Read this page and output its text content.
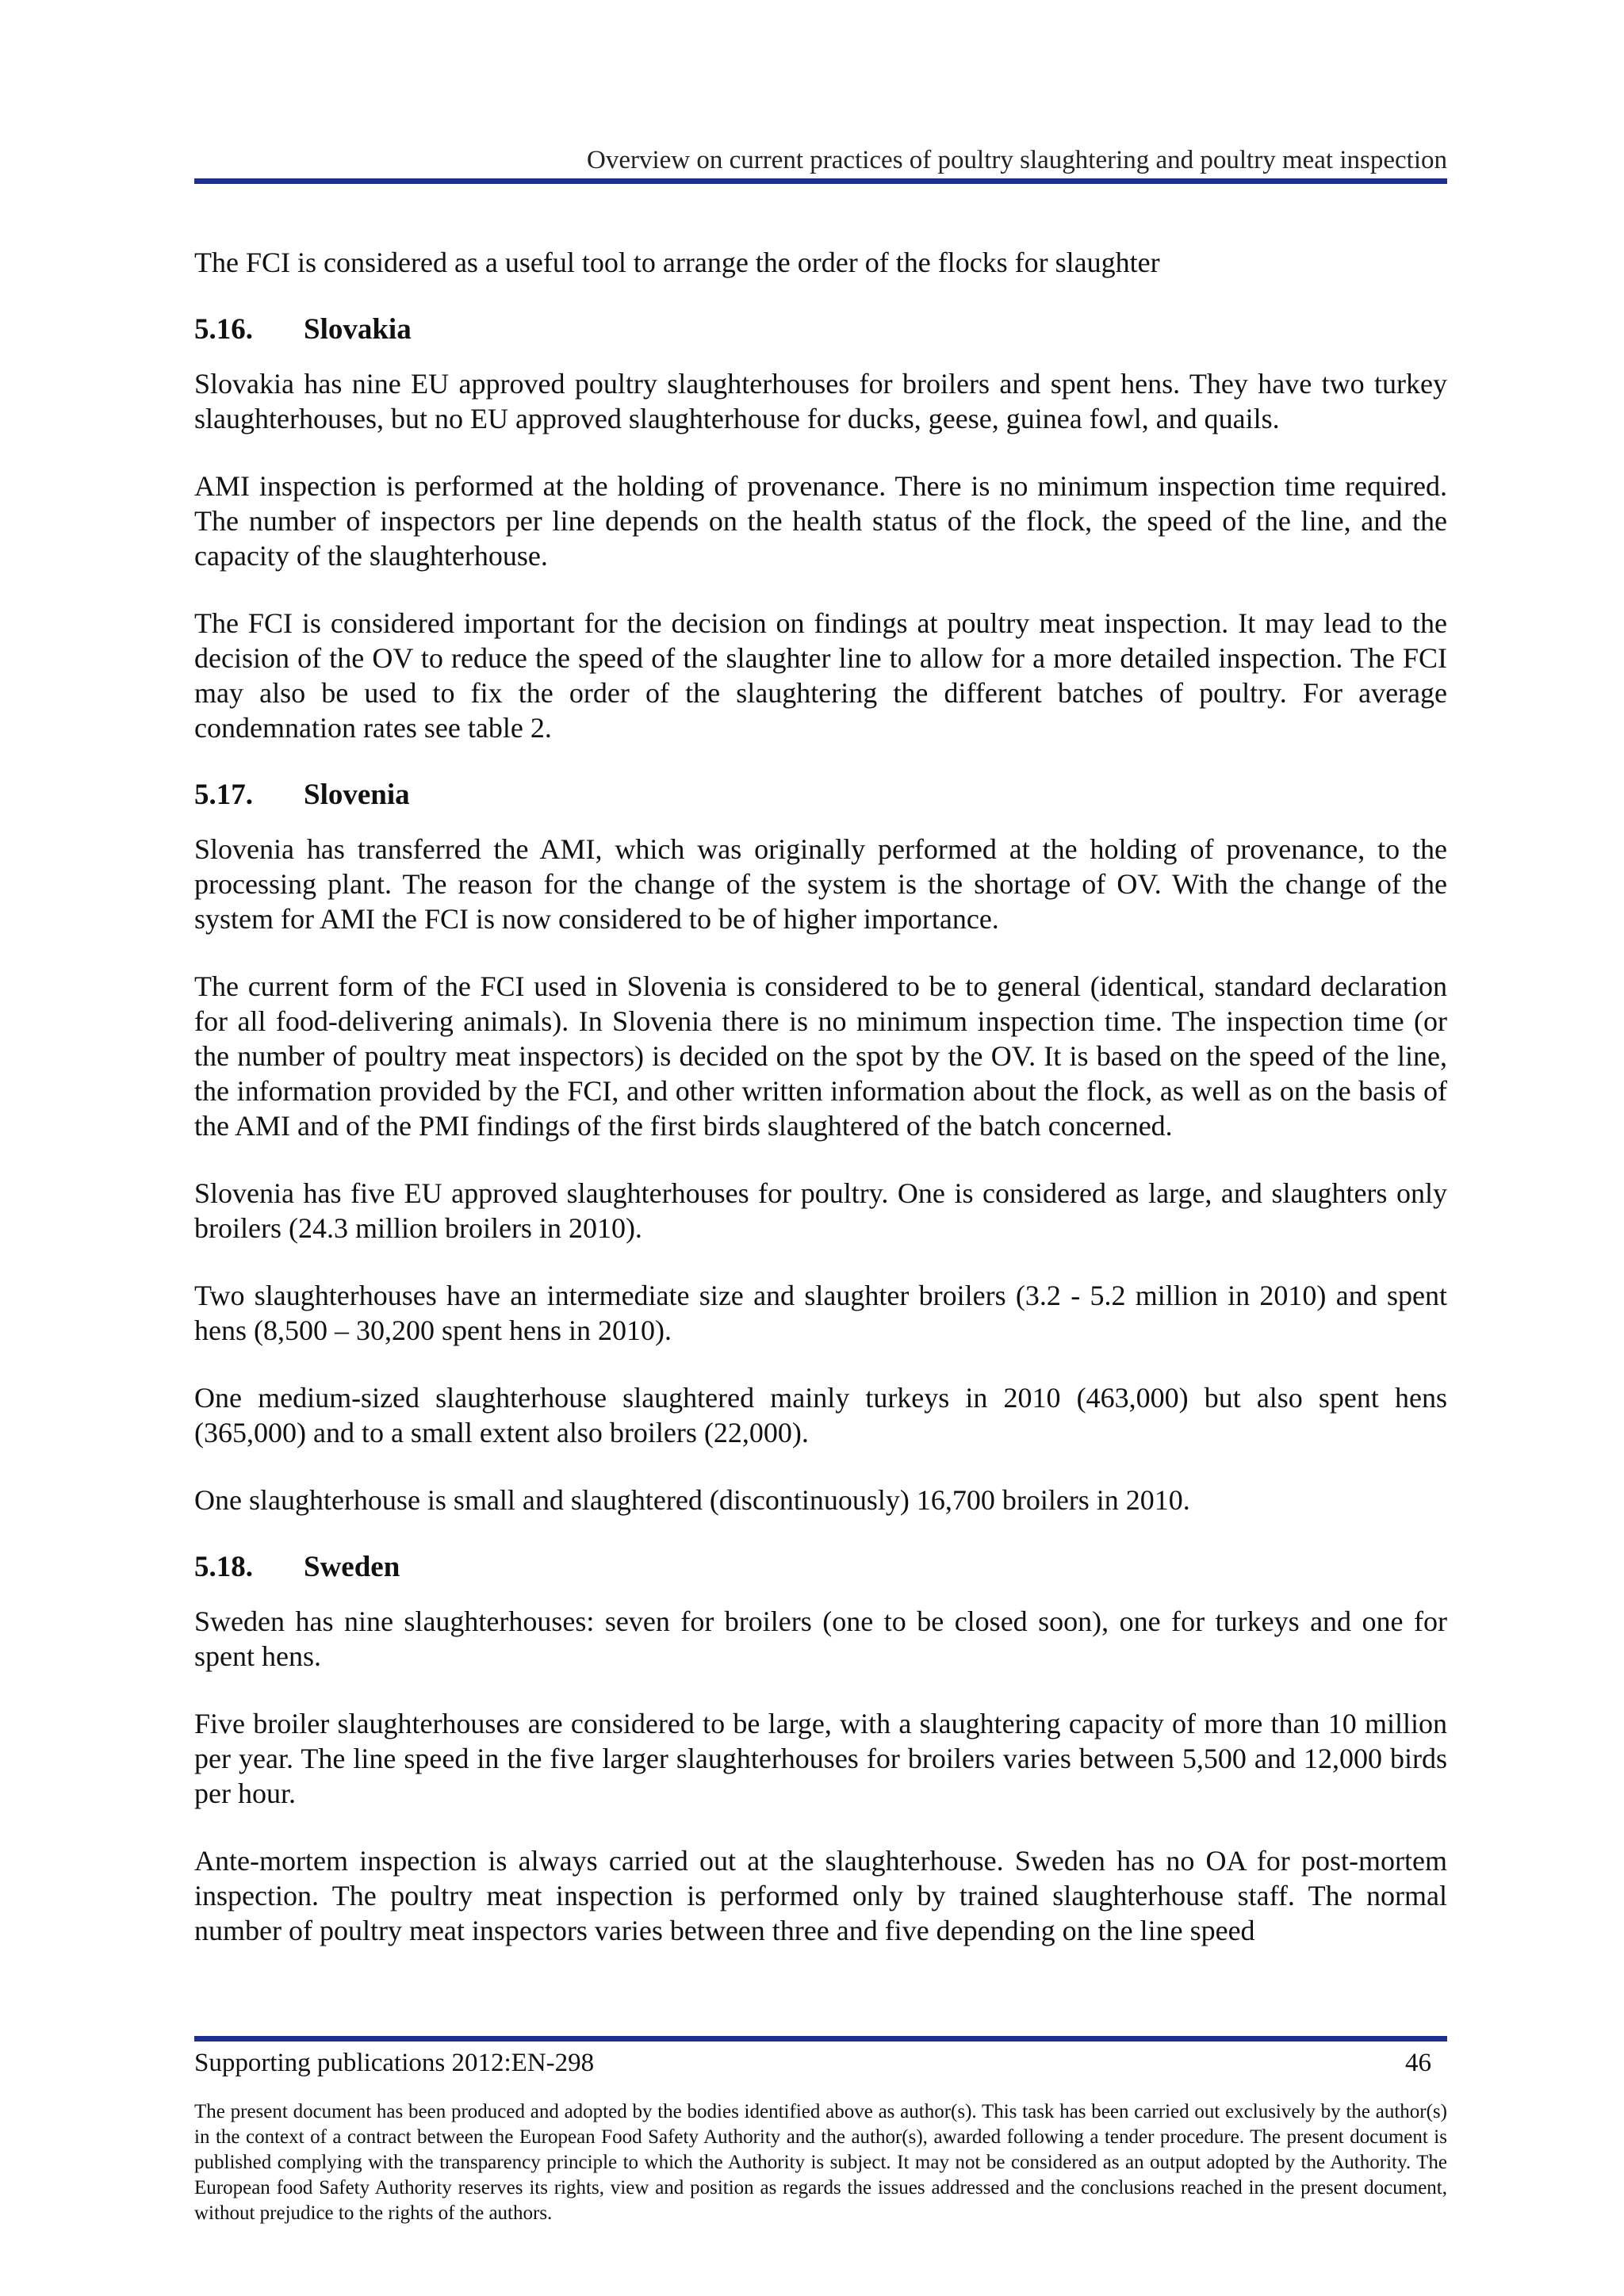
Overview on current practices of poultry slaughtering and poultry meat inspection

The FCI is considered as a useful tool to arrange the order of the flocks for slaughter

5.16. Slovakia

Slovakia has nine EU approved poultry slaughterhouses for broilers and spent hens. They have two turkey slaughterhouses, but no EU approved slaughterhouse for ducks, geese, guinea fowl, and quails.

AMI inspection is performed at the holding of provenance. There is no minimum inspection time required. The number of inspectors per line depends on the health status of the flock, the speed of the line, and the capacity of the slaughterhouse.

The FCI is considered important for the decision on findings at poultry meat inspection. It may lead to the decision of the OV to reduce the speed of the slaughter line to allow for a more detailed inspection. The FCI may also be used to fix the order of the slaughtering the different batches of poultry. For average condemnation rates see table 2.

5.17. Slovenia

Slovenia has transferred the AMI, which was originally performed at the holding of provenance, to the processing plant. The reason for the change of the system is the shortage of OV. With the change of the system for AMI the FCI is now considered to be of higher importance.

The current form of the FCI used in Slovenia is considered to be to general (identical, standard declaration for all food-delivering animals). In Slovenia there is no minimum inspection time. The inspection time (or the number of poultry meat inspectors) is decided on the spot by the OV. It is based on the speed of the line, the information provided by the FCI, and other written information about the flock, as well as on the basis of the AMI and of the PMI findings of the first birds slaughtered of the batch concerned.

Slovenia has five EU approved slaughterhouses for poultry. One is considered as large, and slaughters only broilers (24.3 million broilers in 2010).

Two slaughterhouses have an intermediate size and slaughter broilers (3.2 - 5.2 million in 2010) and spent hens (8,500 – 30,200 spent hens in 2010).

One medium-sized slaughterhouse slaughtered mainly turkeys in 2010 (463,000) but also spent hens (365,000) and to a small extent also broilers (22,000).

One slaughterhouse is small and slaughtered (discontinuously) 16,700 broilers in 2010.

5.18. Sweden

Sweden has nine slaughterhouses: seven for broilers (one to be closed soon), one for turkeys and one for spent hens.

Five broiler slaughterhouses are considered to be large, with a slaughtering capacity of more than 10 million per year. The line speed in the five larger slaughterhouses for broilers varies between 5,500 and 12,000 birds per hour.

Ante-mortem inspection is always carried out at the slaughterhouse. Sweden has no OA for post-mortem inspection. The poultry meat inspection is performed only by trained slaughterhouse staff. The normal number of poultry meat inspectors varies between three and five depending on the line speed

Supporting publications 2012:EN-298	46
The present document has been produced and adopted by the bodies identified above as author(s). This task has been carried out exclusively by the author(s) in the context of a contract between the European Food Safety Authority and the author(s), awarded following a tender procedure. The present document is published complying with the transparency principle to which the Authority is subject. It may not be considered as an output adopted by the Authority. The European food Safety Authority reserves its rights, view and position as regards the issues addressed and the conclusions reached in the present document, without prejudice to the rights of the authors.
